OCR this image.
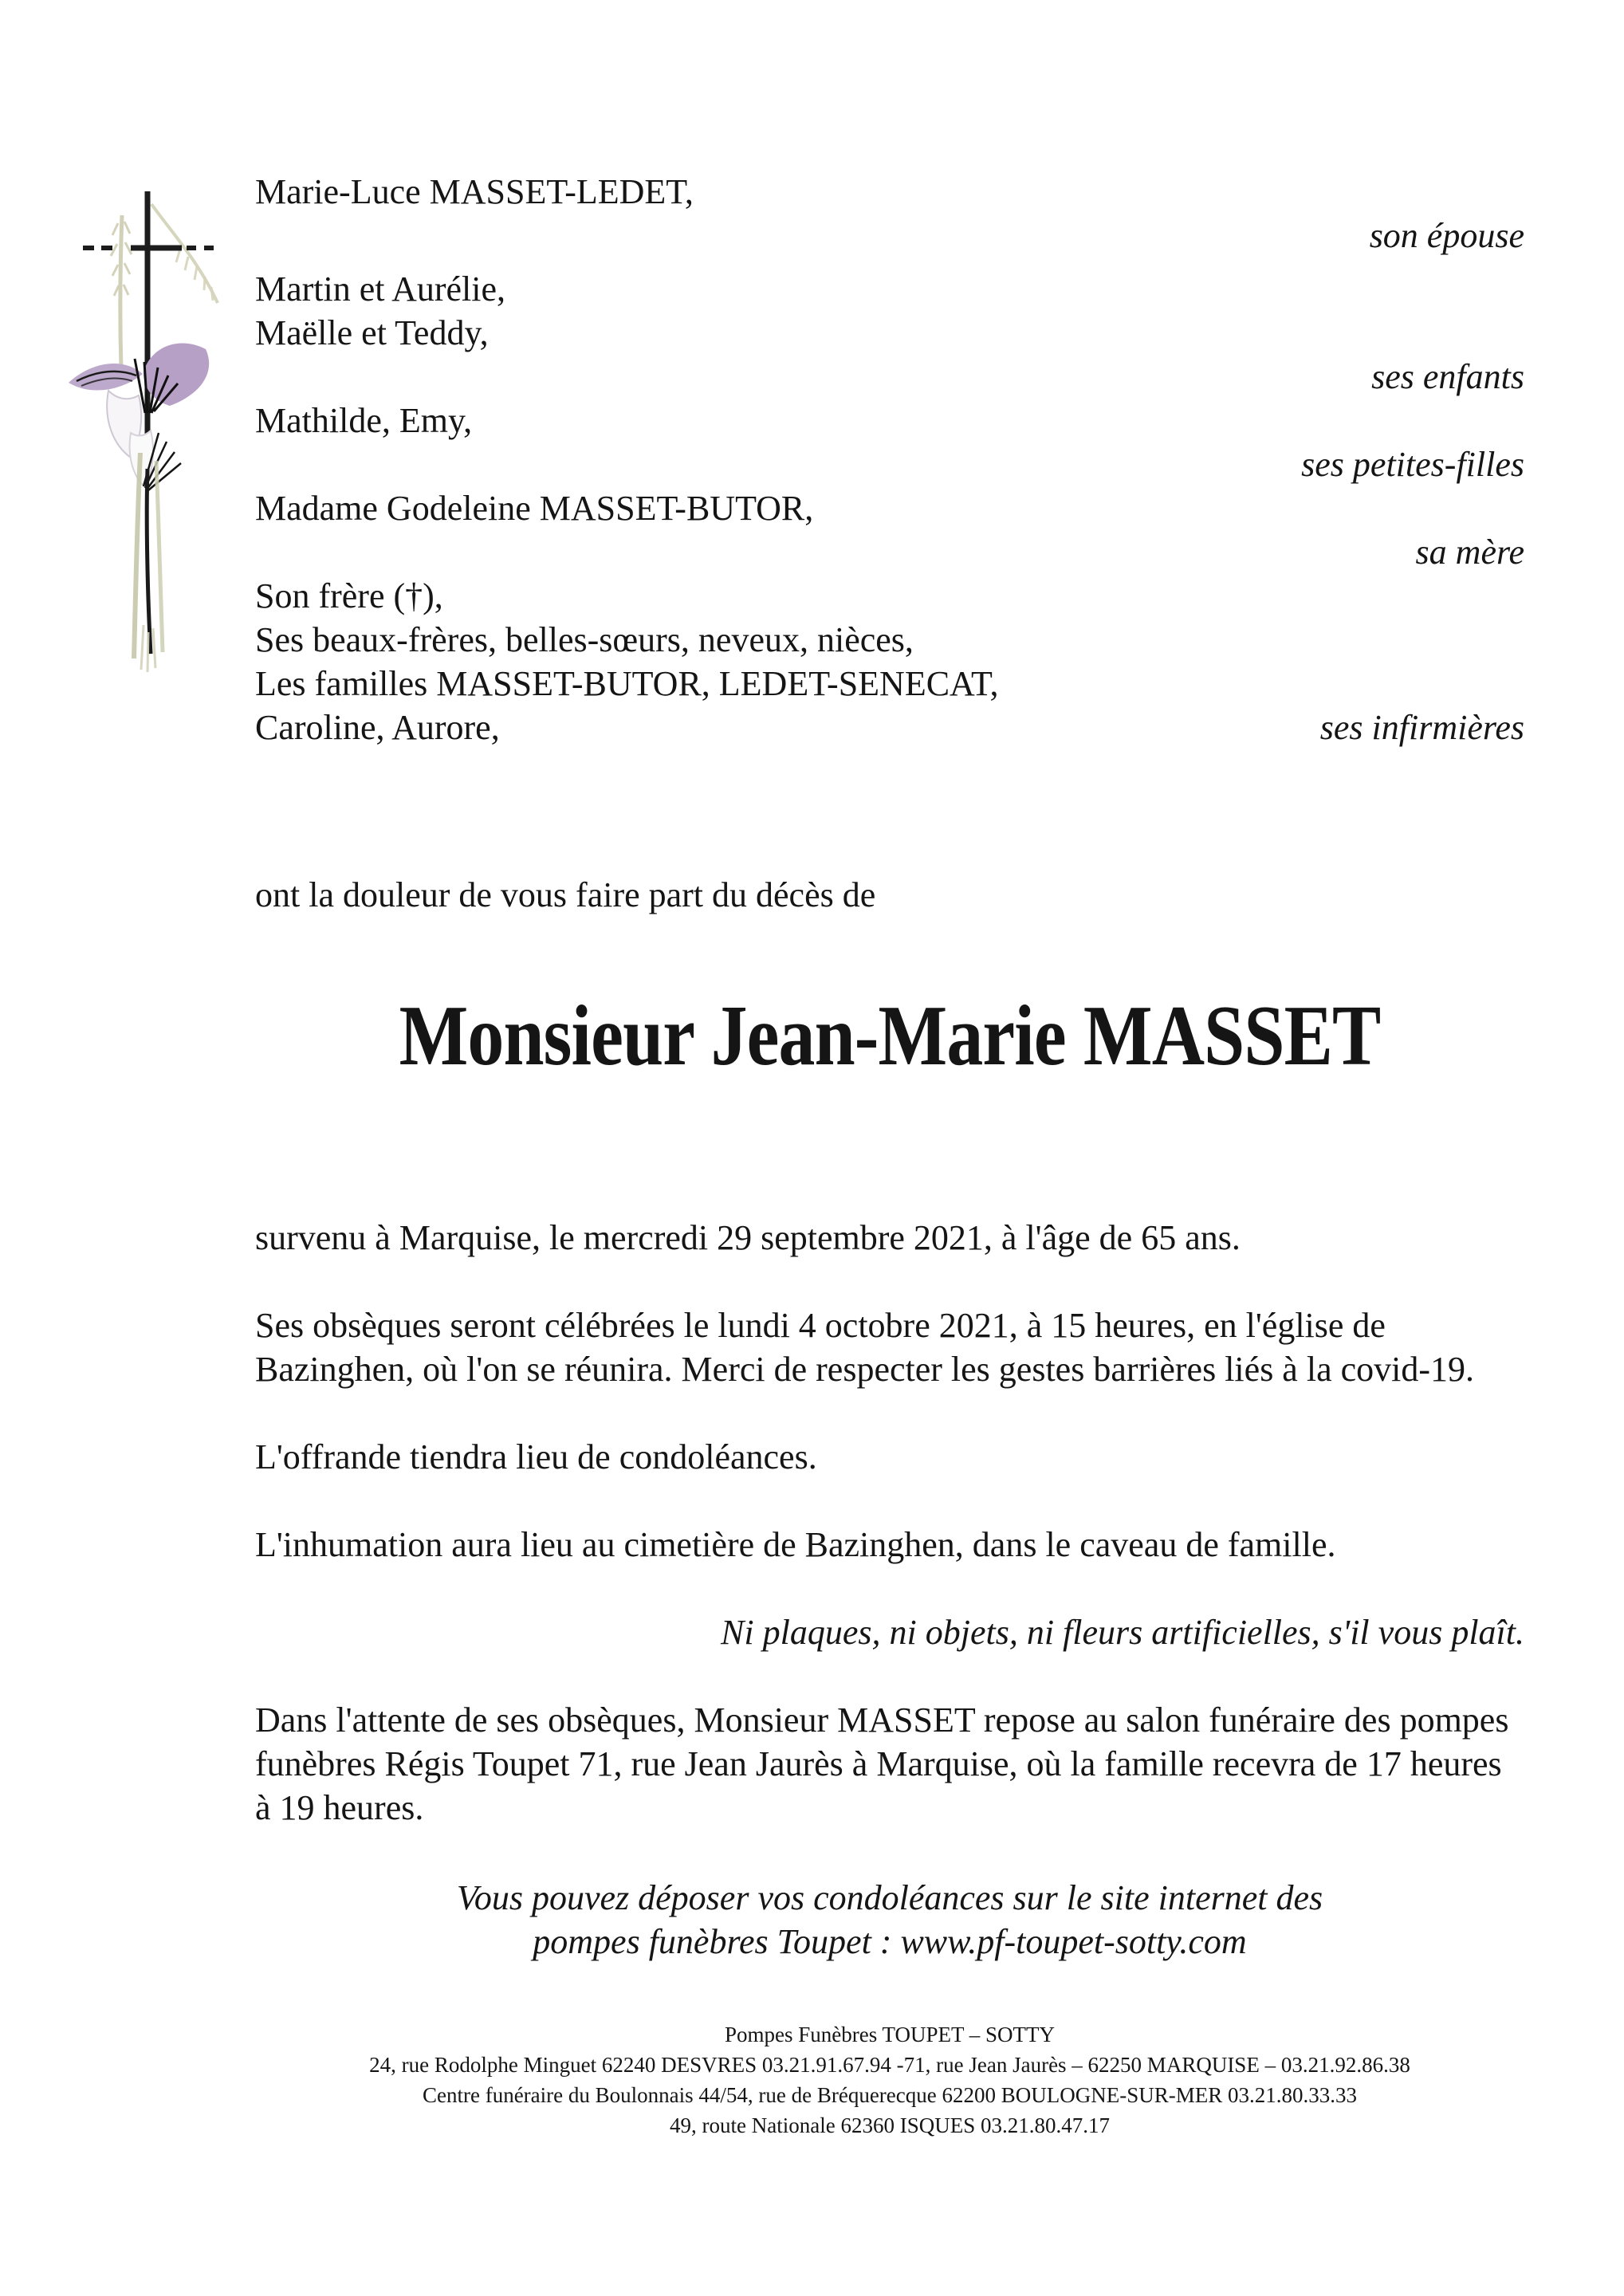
Marie-Luce MASSET-LEDET,
son épouse
Martin et Aurélie,
Maëlle et Teddy,
ses enfants
Mathilde, Emy,
ses petites-filles
Madame Godeleine MASSET-BUTOR,
sa mère
Son frère (†),
Ses beaux-frères, belles-sœurs, neveux, nièces,
Les familles MASSET-BUTOR, LEDET-SENECAT,
Caroline, Aurore,	ses infirmières

ont la douleur de vous faire part du décès de

Monsieur Jean-Marie MASSET

survenu à Marquise, le mercredi 29 septembre 2021, à l'âge de 65 ans.

Ses obsèques seront célébrées le lundi 4 octobre 2021, à 15 heures, en l'église de Bazinghen, où l'on se réunira. Merci de respecter les gestes barrières liés à la covid-19.

L'offrande tiendra lieu de condoléances.

L'inhumation aura lieu au cimetière de Bazinghen, dans le caveau de famille.

Ni plaques, ni objets, ni fleurs artificielles, s'il vous plaît.

Dans l'attente de ses obsèques, Monsieur MASSET repose au salon funéraire des pompes funèbres Régis Toupet 71, rue Jean Jaurès à Marquise, où la famille recevra de 17 heures à 19 heures.

Vous pouvez déposer vos condoléances sur le site internet des

pompes funèbres Toupet : www.pf-toupet-sotty.com

Pompes Funèbres TOUPET – SOTTY

24, rue Rodolphe Minguet 62240 DESVRES 03.21.91.67.94 -71, rue Jean Jaurès – 62250 MARQUISE – 03.21.92.86.38

Centre funéraire du Boulonnais 44/54, rue de Bréquerecque 62200 BOULOGNE-SUR-MER 03.21.80.33.33

49, route Nationale 62360 ISQUES 03.21.80.47.17
